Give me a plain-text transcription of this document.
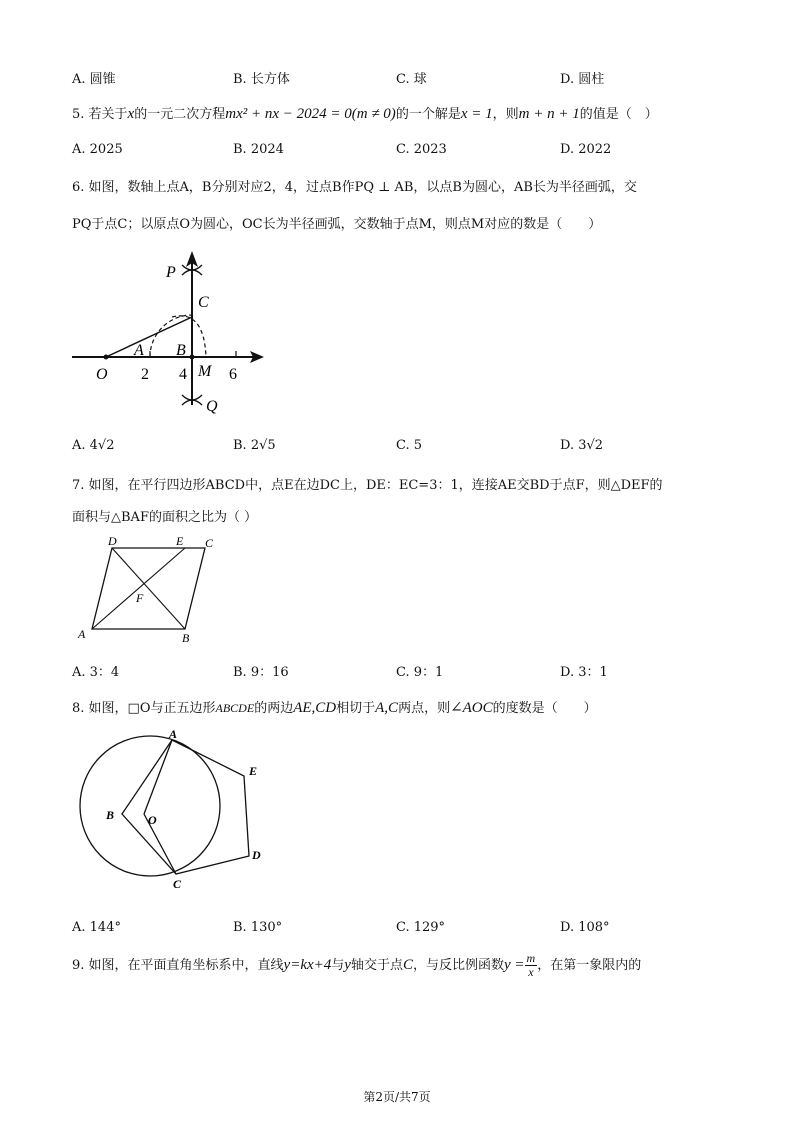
A. 圆锥	B. 长方体	C. 球	D. 圆柱
5. 若关于x的一元二次方程mx² + nx − 2024 = 0(m ≠ 0)的一个解是x = 1，则m + n + 1的值是（　）
A. 2025	B. 2024	C. 2023	D. 2022
6. 如图，数轴上点A，B分别对应2，4，过点B作PQ ⊥ AB，以点B为圆心，AB长为半径画弧，交
PQ于点C；以原点O为圆心，OC长为半径画弧，交数轴于点M，则点M对应的数是（　　）
P
C
A B
O 2 4 M 6
Q
A. 4√2	B. 2√5	C. 5	D. 3√2
7. 如图，在平行四边形ABCD中，点E在边DC上，DE：EC=3：1，连接AE交BD于点F，则△DEF的
面积与△BAF的面积之比为（ ）
D	E C
F
A	B
A. 3：4	B. 9：16	C. 9：1	D. 3：1
8. 如图，□O与正五边形ABCDE的两边AE,CD相切于A,C两点，则∠AOC的度数是（　　）
A
E
B	O
D
C
A. 144°	B. 130°	C. 129°	D. 108°
9. 如图，在平面直角坐标系中，直线y=kx+4与y轴交于点C，与反比例函数$y = \frac{m}{x}$ ，在第一象限内的
第2页/共7页
